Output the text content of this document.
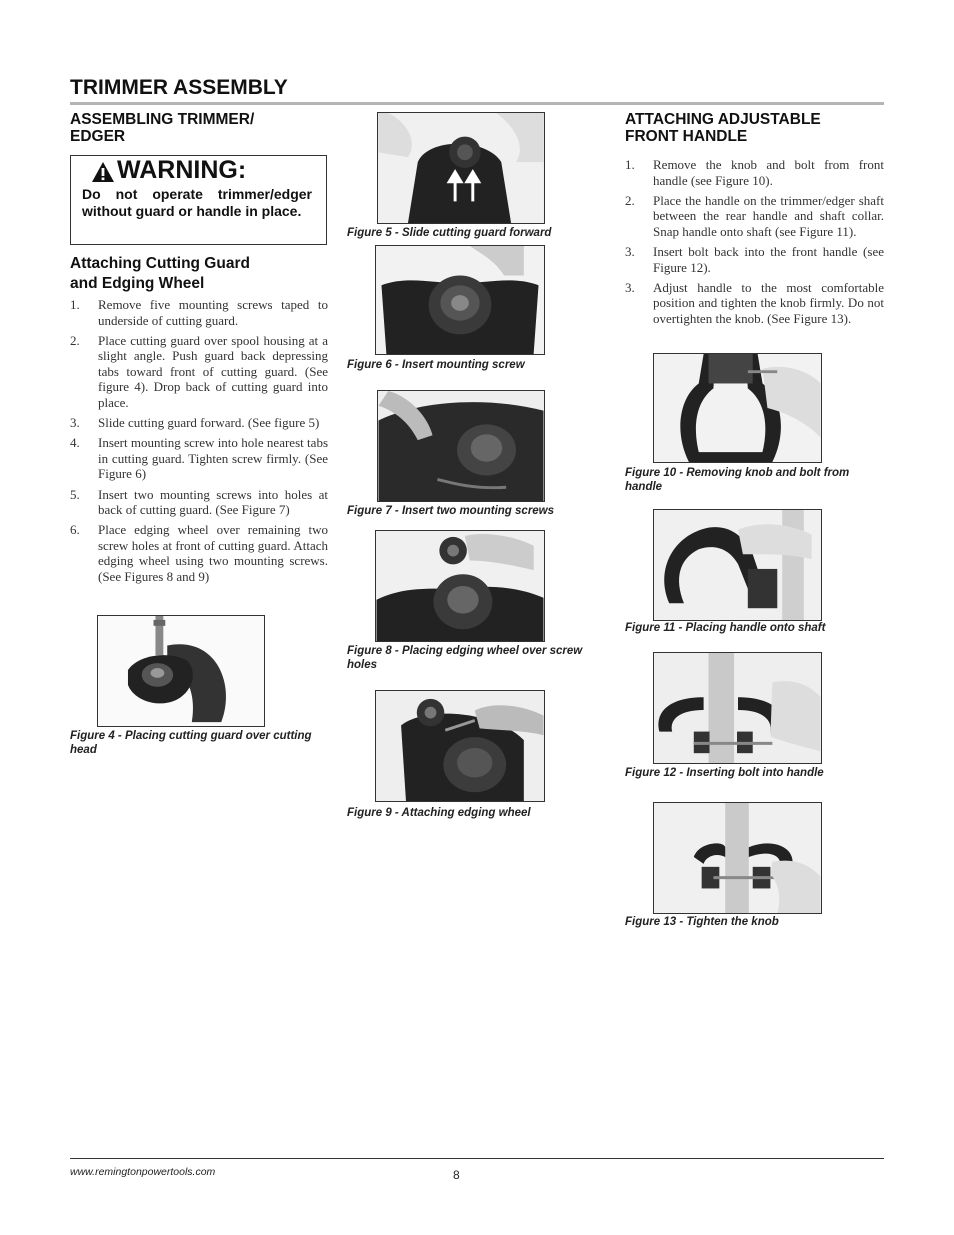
TRIMMER ASSEMBLY
ASSEMBLING TRIMMER/
EDGER
WARNING:
Do not operate trimmer/edger without guard or handle in place.
Attaching Cutting Guard
and Edging Wheel
1. Remove five mounting screws taped to underside of cutting guard.
2. Place cutting guard over spool housing at a slight angle. Push guard back depressing tabs toward front of cutting guard. (See figure 4). Drop back of cutting guard into place.
3. Slide cutting guard forward. (See figure 5)
4. Insert mounting screw into hole nearest tabs in cutting guard. Tighten screw firmly. (See Figure 6)
5. Insert two mounting screws into holes at back of cutting guard. (See Figure 7)
6. Place edging wheel over remaining two screw holes at front of cutting guard. Attach edging wheel using two mounting screws. (See Figures 8 and 9)
Figure 4 - Placing cutting guard over cutting head
Figure 5 - Slide cutting guard forward
Figure 6 - Insert mounting screw
Figure 7 - Insert two mounting screws
Figure 8 - Placing edging wheel over screw holes
Figure 9 - Attaching edging wheel
ATTACHING ADJUSTABLE
FRONT HANDLE
1. Remove the knob and bolt from front handle (see Figure 10).
2. Place the handle on the trimmer/edger shaft between the rear handle and shaft collar. Snap handle onto shaft (see Figure 11).
3. Insert bolt back into the front handle (see Figure 12).
3. Adjust handle to the most comfortable position and tighten the knob firmly. Do not overtighten the knob. (See Figure 13).
Figure 10 - Removing knob and bolt from handle
Figure 11 - Placing handle onto shaft
Figure 12 - Inserting bolt into handle
Figure 13 - Tighten the knob
www.remingtonpowertools.com	8
